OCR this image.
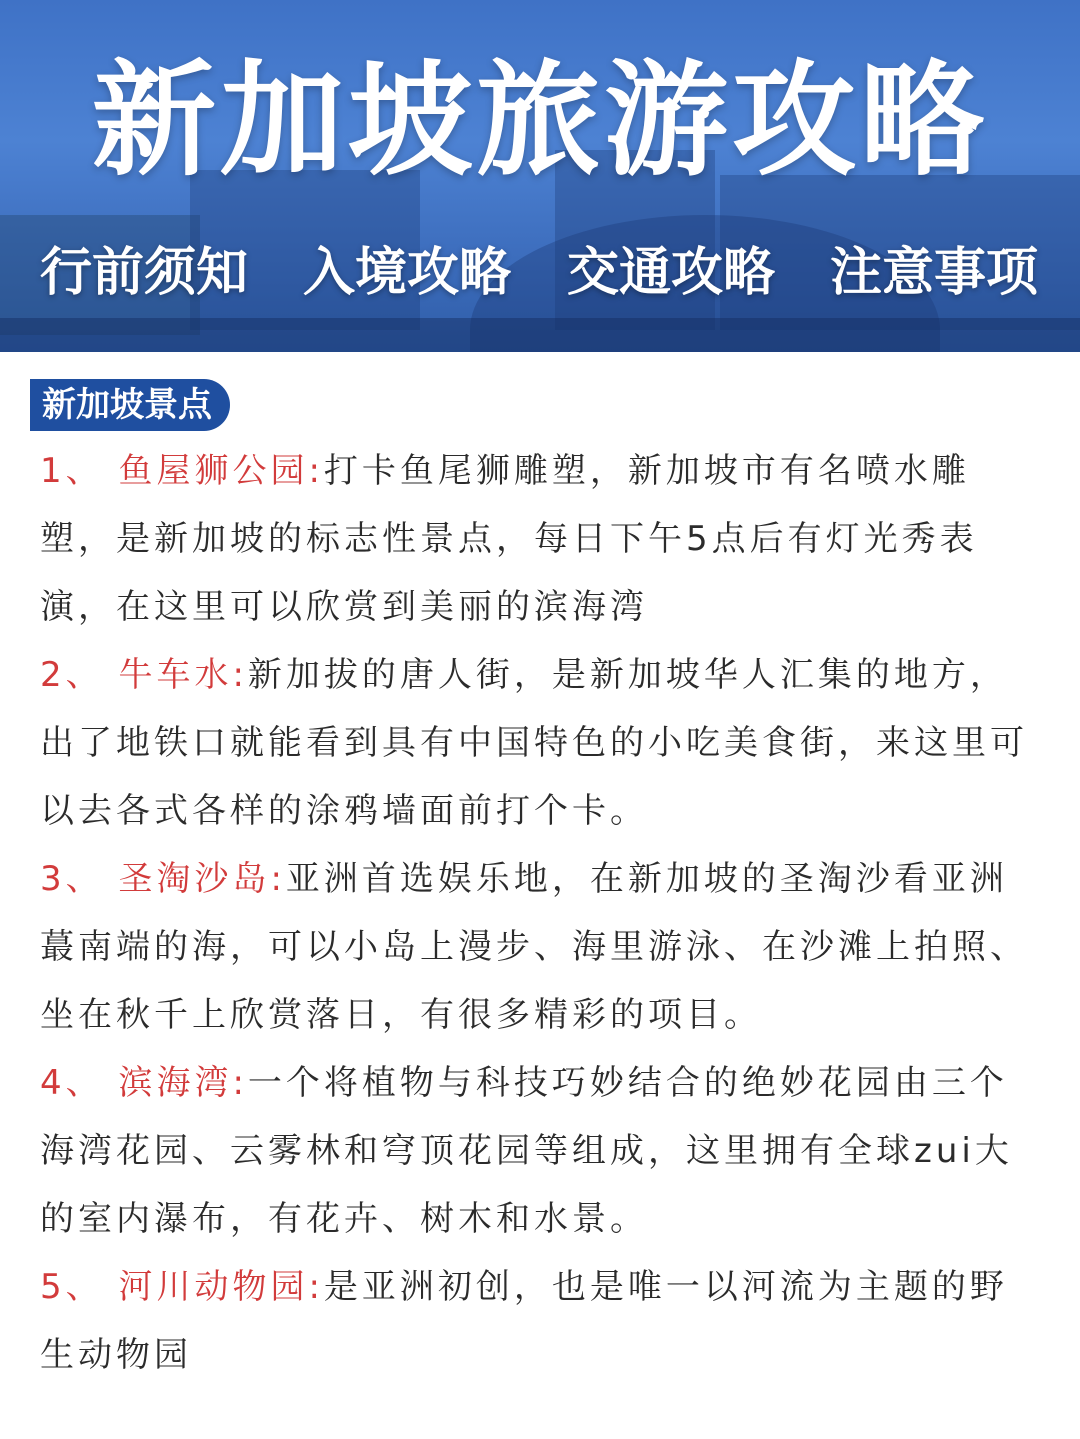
新加坡旅游攻略
行前须知 入境攻略 交通攻略 注意事项
新加坡景点
1、 鱼屋狮公园:打卡鱼尾狮雕塑，新加坡市有名喷水雕塑，是新加坡的标志性景点，每日下午5点后有灯光秀表演，在这里可以欣赏到美丽的滨海湾
2、 牛车水:新加拔的唐人街，是新加坡华人汇集的地方，出了地铁口就能看到具有中国特色的小吃美食街，来这里可以去各式各样的涂鸦墙面前打个卡。
3、 圣淘沙岛:亚洲首选娱乐地，在新加坡的圣淘沙看亚洲蕞南端的海，可以小岛上漫步、海里游泳、在沙滩上拍照、坐在秋千上欣赏落日，有很多精彩的项目。
4、 滨海湾:一个将植物与科技巧妙结合的绝妙花园由三个海湾花园、云雾林和穹顶花园等组成，这里拥有全球zui大的室内瀑布，有花卉、树木和水景。
5、 河川动物园:是亚洲初创，也是唯一以河流为主题的野生动物园
